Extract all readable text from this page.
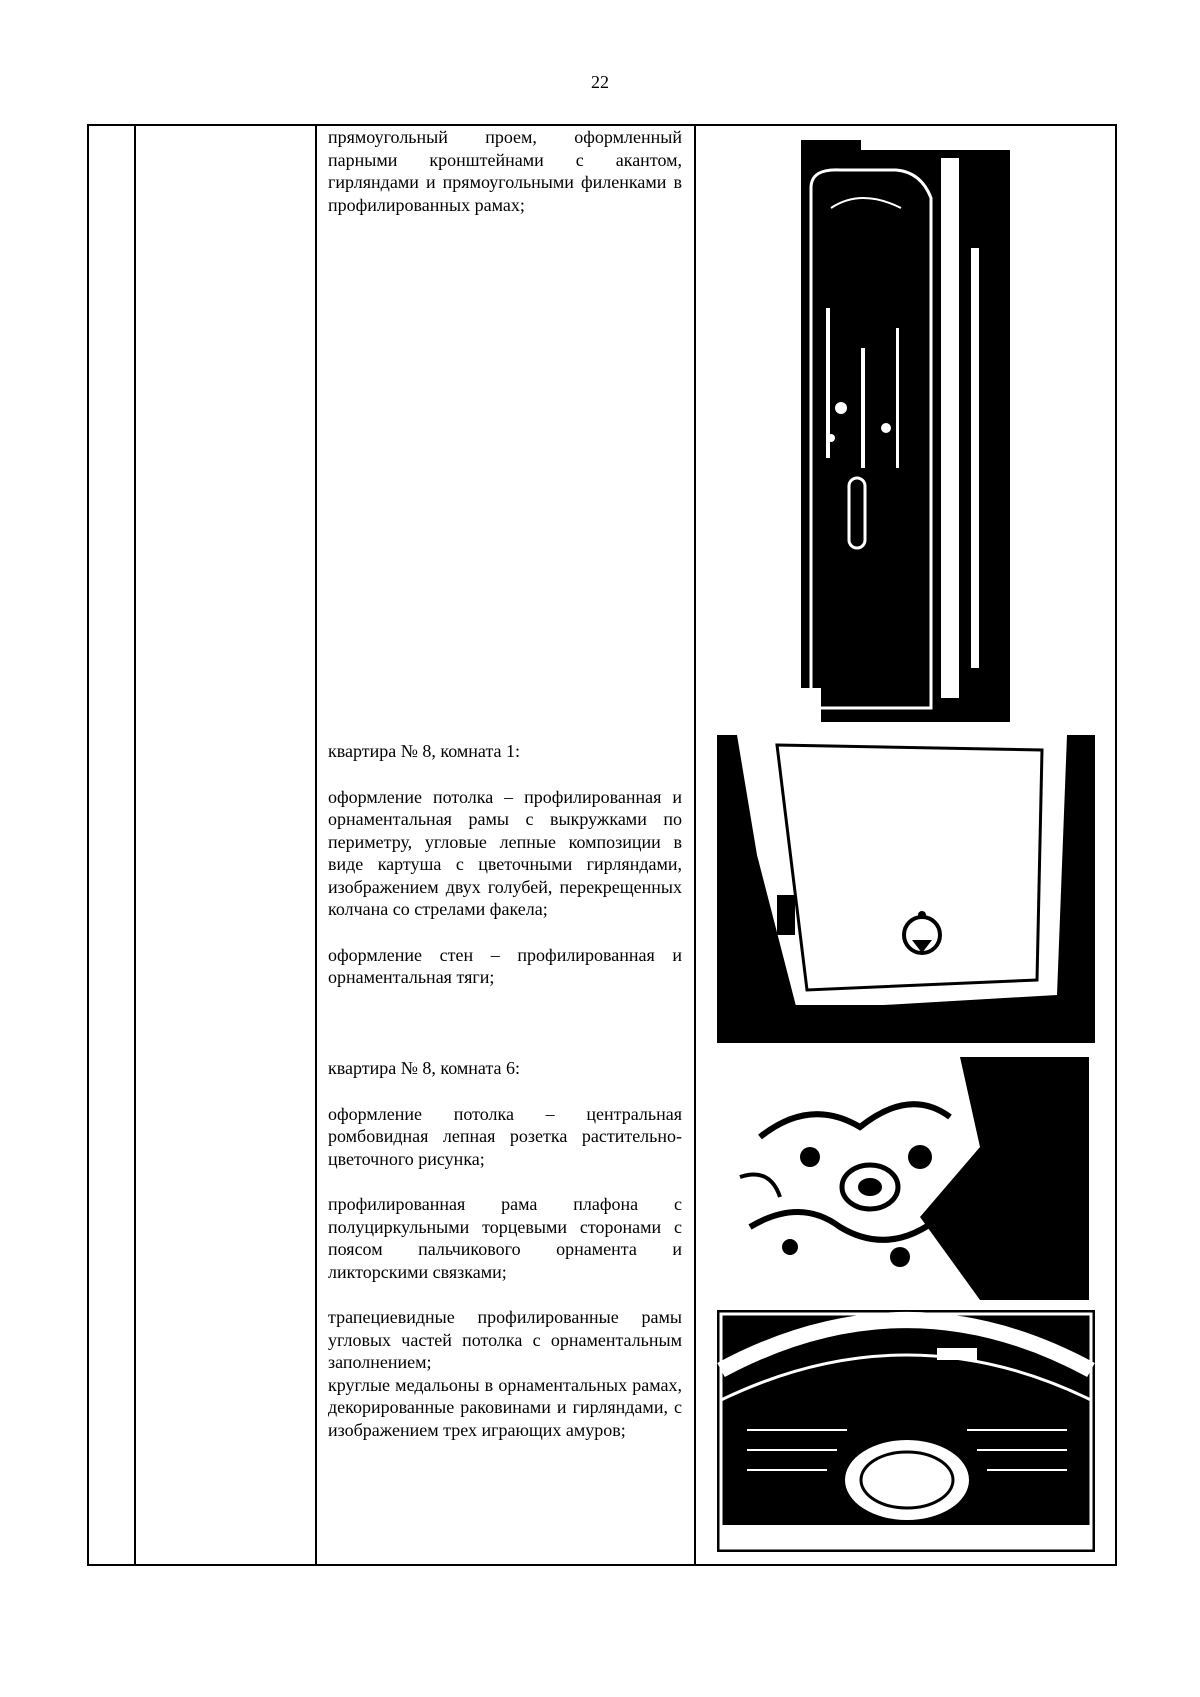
22

прямоугольный проем, оформленный парными кронштейнами с акантом, гирляндами и прямоугольными филенками в профилированных рамах;

квартира № 8, комната 1:

оформление потолка – профилированная и орнаментальная рамы с выкружками по периметру, угловые лепные композиции в виде картуша с цветочными гирляндами, изображением двух голубей, перекрещенных колчана со стрелами факела;

оформление стен – профилированная и орнаментальная тяги;

квартира № 8, комната 6:

оформление потолка – центральная ромбовидная лепная розетка растительно-цветочного рисунка;

профилированная рама плафона с полуциркульными торцевыми сторонами с поясом пальчикового орнамента и ликторскими связками;

трапециевидные профилированные рамы угловых частей потолка с орнаментальным заполнением;

круглые медальоны в орнаментальных рамах, декорированные раковинами и гирляндами, с изображением трех играющих амуров;
